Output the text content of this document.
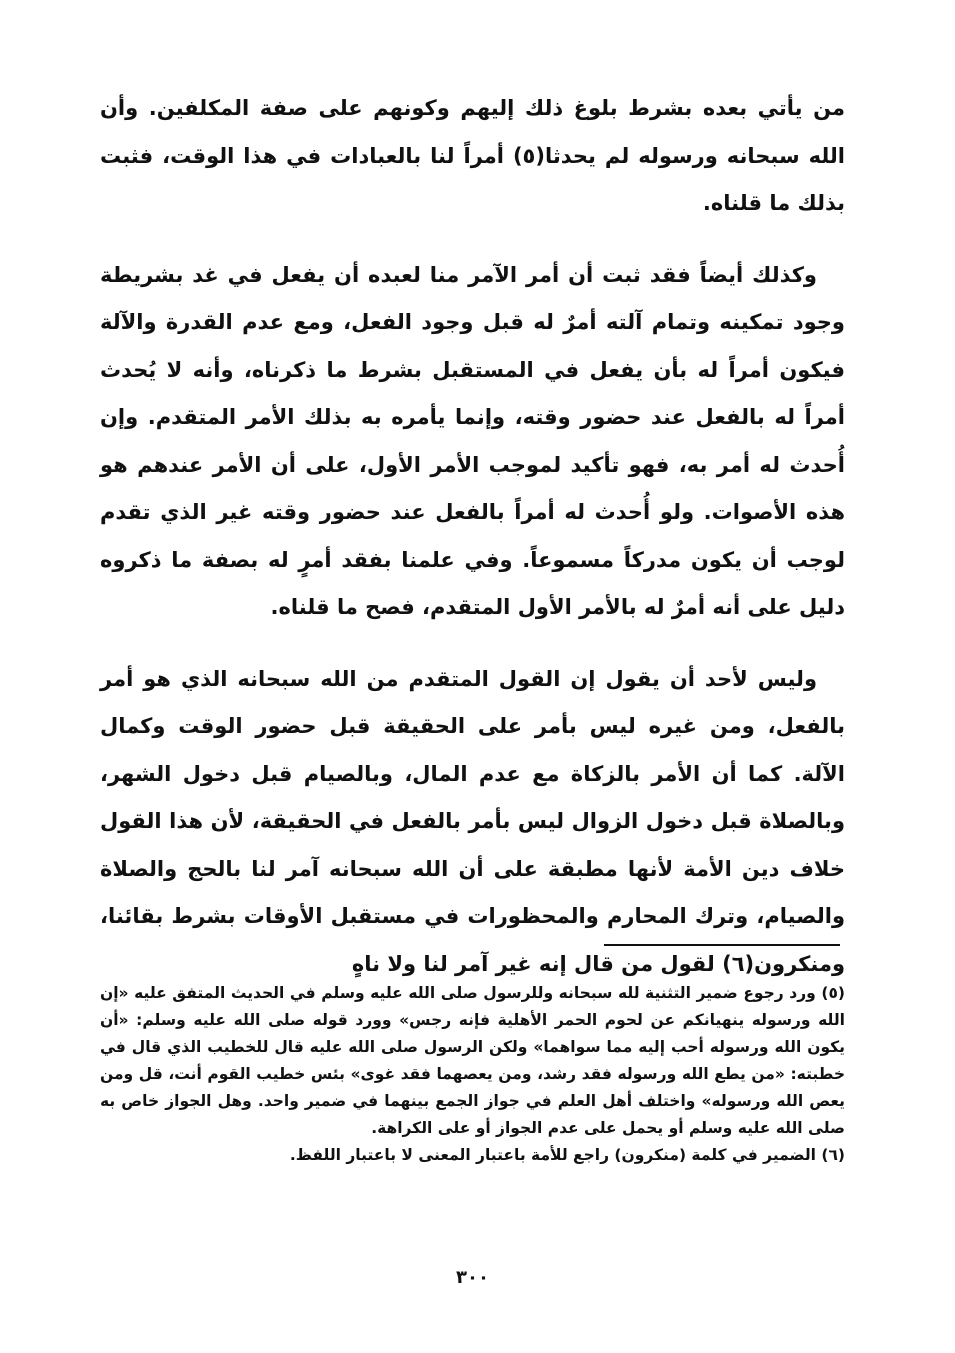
من يأتي بعده بشرط بلوغ ذلك إليهم وكونهم على صفة المكلفين. وأن الله سبحانه ورسوله لم يحدثا(٥) أمراً لنا بالعبادات في هذا الوقت، فثبت بذلك ما قلناه.

وكذلك أيضاً فقد ثبت أن أمر الآمر منا لعبده أن يفعل في غد بشريطة وجود تمكينه وتمام آلته أمرٌ له قبل وجود الفعل، ومع عدم القدرة والآلة فيكون أمراً له بأن يفعل في المستقبل بشرط ما ذكرناه، وأنه لا يُحدث أمراً له بالفعل عند حضور وقته، وإنما يأمره به بذلك الأمر المتقدم. وإن أُحدث له أمر به، فهو تأكيد لموجب الأمر الأول، على أن الأمر عندهم هو هذه الأصوات. ولو أُحدث له أمراً بالفعل عند حضور وقته غير الذي تقدم لوجب أن يكون مدركاً مسموعاً. وفي علمنا بفقد أمرٍ له بصفة ما ذكروه دليل على أنه أمرٌ له بالأمر الأول المتقدم، فصح ما قلناه.

وليس لأحد أن يقول إن القول المتقدم من الله سبحانه الذي هو أمر بالفعل، ومن غيره ليس بأمر على الحقيقة قبل حضور الوقت وكمال الآلة. كما أن الأمر بالزكاة مع عدم المال، وبالصيام قبل دخول الشهر، وبالصلاة قبل دخول الزوال ليس بأمر بالفعل في الحقيقة، لأن هذا القول خلاف دين الأمة لأنها مطبقة على أن الله سبحانه آمر لنا بالحج والصلاة والصيام، وترك المحارم والمحظورات في مستقبل الأوقات بشرط بقائنا، ومنكرون(٦) لقول من قال إنه غير آمر لنا ولا ناهٍ

(٥) ورد رجوع ضمير التثنية لله سبحانه وللرسول صلى الله عليه وسلم في الحديث المتفق عليه «إن الله ورسوله ينهيانكم عن لحوم الحمر الأهلية فإنه رجس» وورد قوله صلى الله عليه وسلم: «أن يكون الله ورسوله أحب إليه مما سواهما» ولكن الرسول صلى الله عليه قال للخطيب الذي قال في خطبته: «من يطع الله ورسوله فقد رشد، ومن يعصهما فقد غوى» بئس خطيب القوم أنت، قل ومن يعص الله ورسوله» واختلف أهل العلم في جواز الجمع بينهما في ضمير واحد. وهل الجواز خاص به صلى الله عليه وسلم أو يحمل على عدم الجواز أو على الكراهة.

(٦) الضمير في كلمة (منكرون) راجع للأمة باعتبار المعنى لا باعتبار اللفظ.

٣٠٠
